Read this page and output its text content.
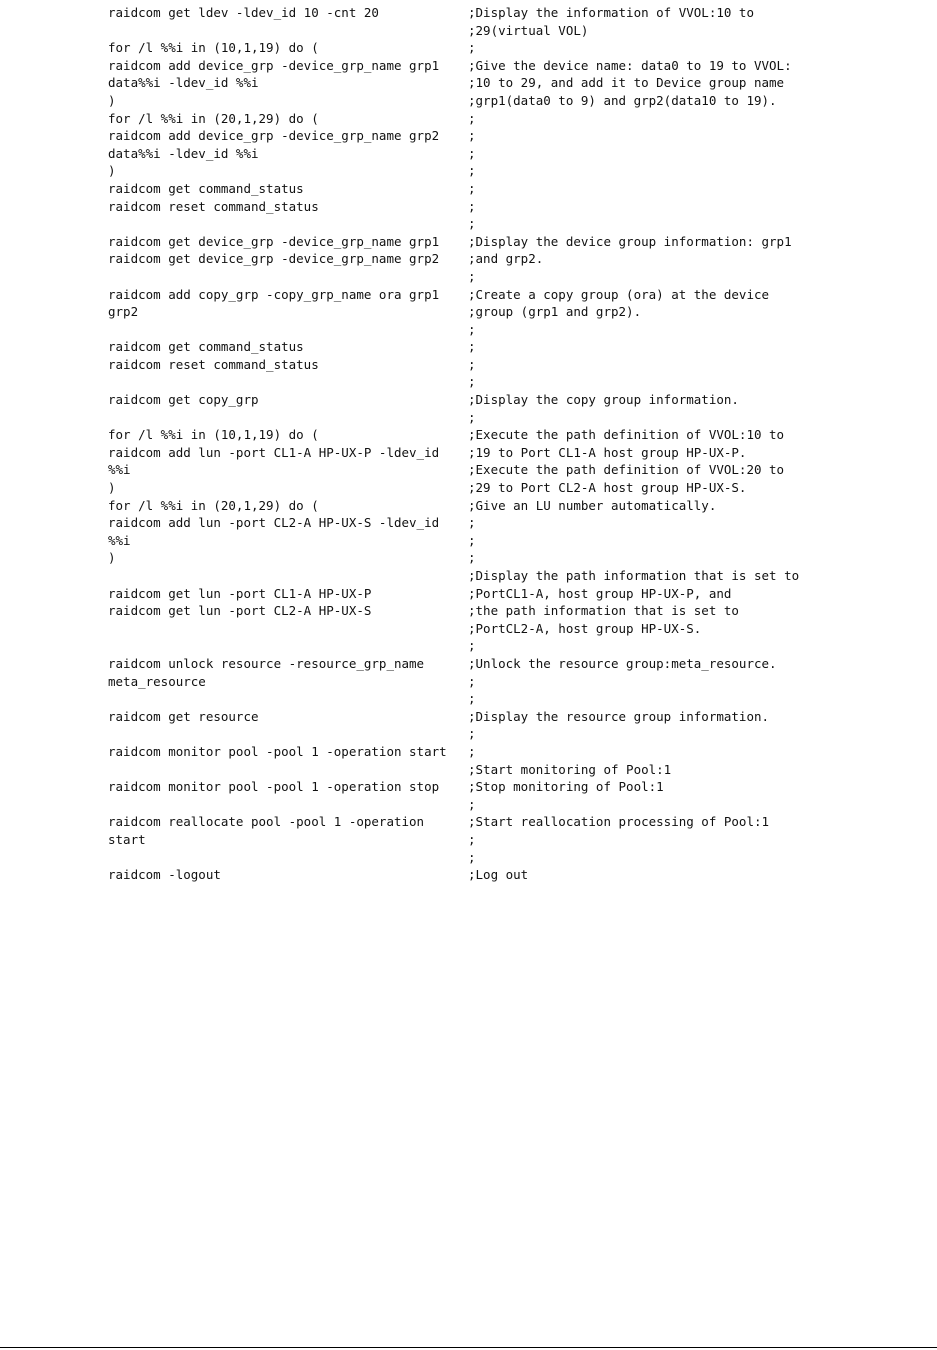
raidcom get ldev -ldev_id 10 -cnt 20	;Display the information of VVOL:10 to
;29(virtual VOL)
for /l %%i in (10,1,19) do (	;
raidcom add device_grp -device_grp_name grp1	;Give the device name: data0 to 19 to VVOL:
data%%i -ldev_id %%i	;10 to 29, and add it to Device group name
)	;grp1(data0 to 9) and grp2(data10 to 19).
for /l %%i in (20,1,29) do (	;
raidcom add device_grp -device_grp_name grp2	;
data%%i -ldev_id %%i	;
)	;
raidcom get command_status	;
raidcom reset command_status	;
;
raidcom get device_grp -device_grp_name grp1	;Display the device group information: grp1
raidcom get device_grp -device_grp_name grp2	;and grp2.
;
raidcom add copy_grp -copy_grp_name ora grp1	;Create a copy group (ora) at the device
grp2	;group (grp1 and grp2).
;
raidcom get command_status	;
raidcom reset command_status	;
;
raidcom get copy_grp	;Display the copy group information.
;
for /l %%i in (10,1,19) do (	;Execute the path definition of VVOL:10 to
raidcom add lun -port CL1-A HP-UX-P -ldev_id	;19 to Port CL1-A host group HP-UX-P.
%%i	;Execute the path definition of VVOL:20 to
)	;29 to Port CL2-A host group HP-UX-S.
for /l %%i in (20,1,29) do (	;Give an LU number automatically.
raidcom add lun -port CL2-A HP-UX-S -ldev_id	;
%%i	;
)	;
;Display the path information that is set to
raidcom get lun -port CL1-A HP-UX-P	;PortCL1-A, host group HP-UX-P, and
raidcom get lun -port CL2-A HP-UX-S	;the path information that is set to
;PortCL2-A, host group HP-UX-S.
;
raidcom unlock resource -resource_grp_name	;Unlock the resource group:meta_resource.
meta_resource	;
;
raidcom get resource	;Display the resource group information.
;
raidcom monitor pool -pool 1 -operation start	;
;Start monitoring of Pool:1
raidcom monitor pool -pool 1 -operation stop	;Stop monitoring of Pool:1
;
raidcom reallocate pool -pool 1 -operation	;Start reallocation processing of Pool:1
start	;
;
raidcom -logout	;Log out
